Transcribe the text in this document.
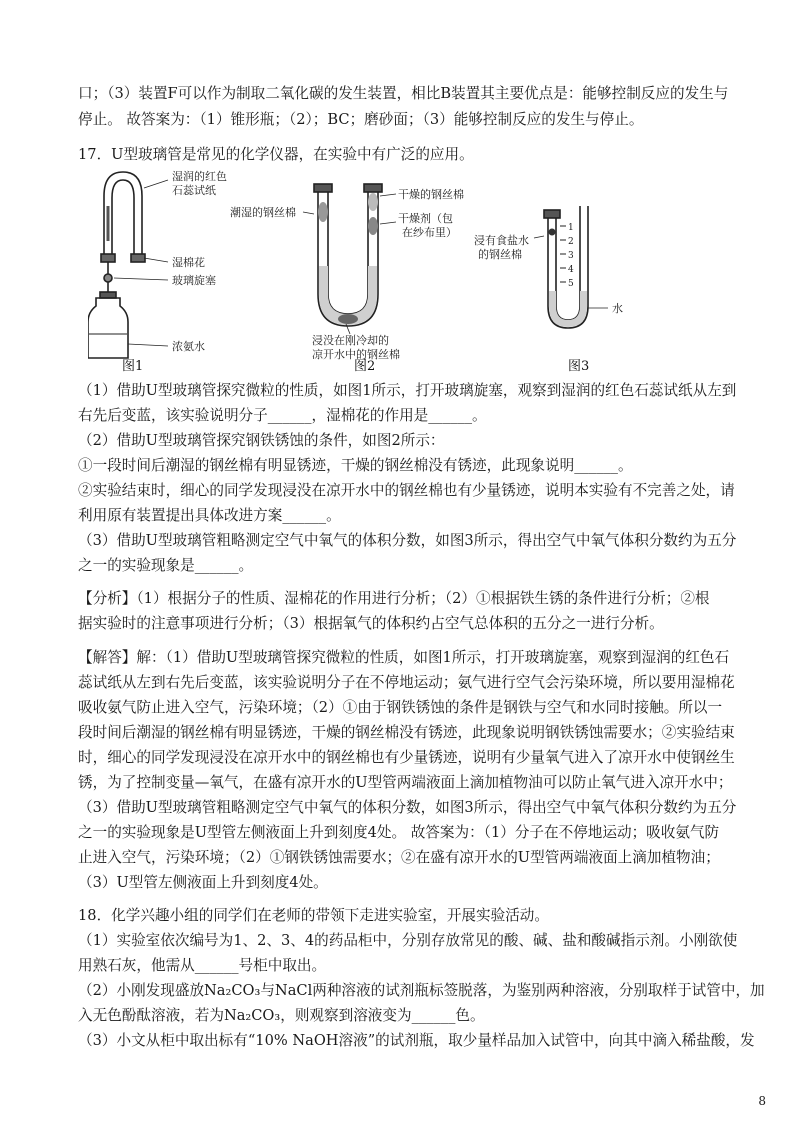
口；（3）装置F可以作为制取二氧化碳的发生装置，相比B装置其主要优点是：能够控制反应的发生与
停止。 故答案为：（1）锥形瓶；（2）；BC；磨砂面；（3）能够控制反应的发生与停止。
17．U型玻璃管是常见的化学仪器，在实验中有广泛的应用。
湿润的红色
石蕊试纸
湿棉花
玻璃旋塞
浓氨水
图1
干燥的钢丝棉
潮湿的钢丝棉	干燥剂（包
在纱布里）
浸没在刚冷却的
凉开水中的钢丝棉
图2
1
2
3
4
5
浸有食盐水
的钢丝棉
水
图3
（1）借助U型玻璃管探究微粒的性质，如图1所示，打开玻璃旋塞，观察到湿润的红色石蕊试纸从左到
右先后变蓝，该实验说明分子______，湿棉花的作用是______。
（2）借助U型玻璃管探究钢铁锈蚀的条件，如图2所示：
①一段时间后潮湿的钢丝棉有明显锈迹，干燥的钢丝棉没有锈迹，此现象说明______。
②实验结束时，细心的同学发现浸没在凉开水中的钢丝棉也有少量锈迹，说明本实验有不完善之处，请
利用原有装置提出具体改进方案______。
（3）借助U型玻璃管粗略测定空气中氧气的体积分数，如图3所示，得出空气中氧气体积分数约为五分
之一的实验现象是______。
【分析】（1）根据分子的性质、湿棉花的作用进行分析；（2）①根据铁生锈的条件进行分析；②根
据实验时的注意事项进行分析；（3）根据氧气的体积约占空气总体积的五分之一进行分析。
【解答】解：（1）借助U型玻璃管探究微粒的性质，如图1所示，打开玻璃旋塞，观察到湿润的红色石
蕊试纸从左到右先后变蓝，该实验说明分子在不停地运动；氨气进行空气会污染环境，所以要用湿棉花
吸收氨气防止进入空气，污染环境；（2）①由于钢铁锈蚀的条件是钢铁与空气和水同时接触。所以一
段时间后潮湿的钢丝棉有明显锈迹，干燥的钢丝棉没有锈迹，此现象说明钢铁锈蚀需要水；②实验结束
时，细心的同学发现浸没在凉开水中的钢丝棉也有少量锈迹，说明有少量氧气进入了凉开水中使钢丝生
锈，为了控制变量—氧气，在盛有凉开水的U型管两端液面上滴加植物油可以防止氧气进入凉开水中；
（3）借助U型玻璃管粗略测定空气中氧气的体积分数，如图3所示，得出空气中氧气体积分数约为五分
之一的实验现象是U型管左侧液面上升到刻度4处。 故答案为：（1）分子在不停地运动；吸收氨气防
止进入空气，污染环境；（2）①钢铁锈蚀需要水；②在盛有凉开水的U型管两端液面上滴加植物油；
（3）U型管左侧液面上升到刻度4处。
18．化学兴趣小组的同学们在老师的带领下走进实验室，开展实验活动。
（1）实验室依次编号为1、2、3、4的药品柜中，分别存放常见的酸、碱、盐和酸碱指示剂。小刚欲使
用熟石灰，他需从______号柜中取出。
（2）小刚发现盛放Na₂CO₃与NaCl两种溶液的试剂瓶标签脱落，为鉴别两种溶液，分别取样于试管中，加
入无色酚酞溶液，若为Na₂CO₃，则观察到溶液变为______色。
（3）小文从柜中取出标有“10% NaOH溶液”的试剂瓶，取少量样品加入试管中，向其中滴入稀盐酸，发
8
